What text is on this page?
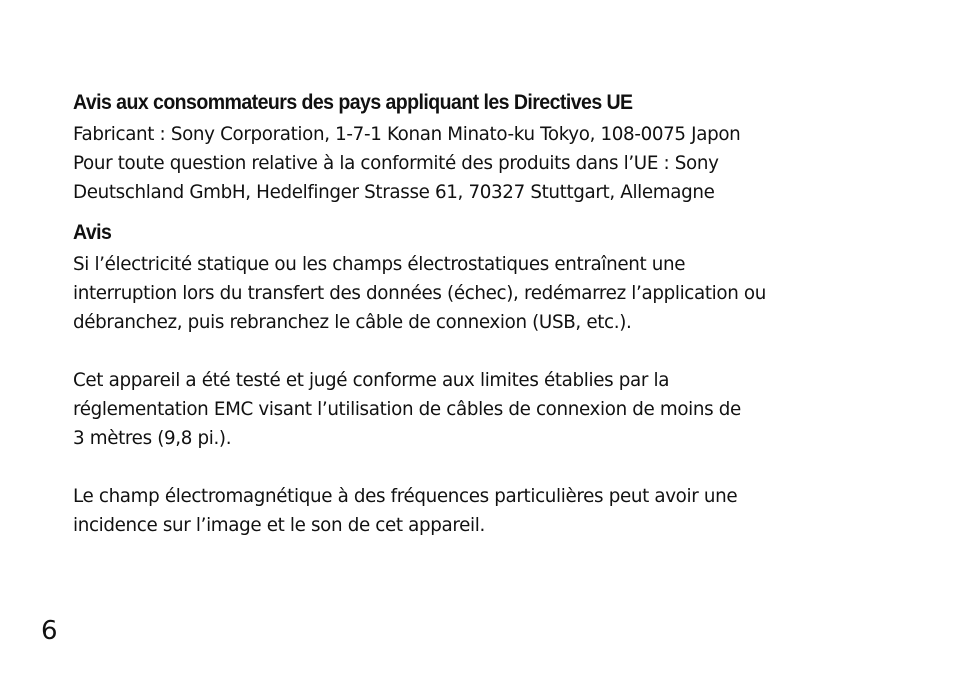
Avis aux consommateurs des pays appliquant les Directives UE

Fabricant : Sony Corporation, 1-7-1 Konan Minato-ku Tokyo, 108-0075 Japon
Pour toute question relative à la conformité des produits dans l’UE : Sony
Deutschland GmbH, Hedelfinger Strasse 61, 70327 Stuttgart, Allemagne

Avis

Si l’électricité statique ou les champs électrostatiques entraînent une
interruption lors du transfert des données (échec), redémarrez l’application ou
débranchez, puis rebranchez le câble de connexion (USB, etc.).

Cet appareil a été testé et jugé conforme aux limites établies par la
réglementation EMC visant l’utilisation de câbles de connexion de moins de
3 mètres (9,8 pi.).

Le champ électromagnétique à des fréquences particulières peut avoir une
incidence sur l’image et le son de cet appareil.

6
